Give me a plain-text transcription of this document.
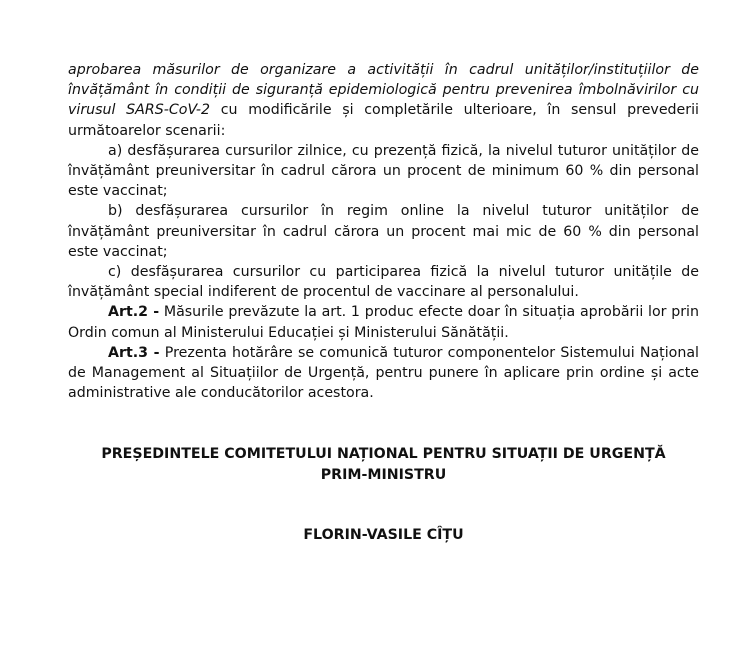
aprobarea măsurilor de organizare a activității în cadrul unităților/instituțiilor de învățământ în condiții de siguranță epidemiologică pentru prevenirea îmbolnăvirilor cu virusul SARS-CoV-2 cu modificările și completările ulterioare, în sensul prevederii următoarelor scenarii:

a) desfășurarea cursurilor zilnice, cu prezență fizică, la nivelul tuturor unităților de învățământ preuniversitar în cadrul cărora un procent de minimum 60 % din personal este vaccinat;

b) desfășurarea cursurilor în regim online la nivelul tuturor unităților de învățământ preuniversitar în cadrul cărora un procent mai mic de 60 % din personal este vaccinat;

c) desfășurarea cursurilor cu participarea fizică la nivelul tuturor unitățile de învățământ special indiferent de procentul de vaccinare al personalului.

Art.2 - Măsurile prevăzute la art. 1 produc efecte doar în situația aprobării lor prin Ordin comun al Ministerului Educației și Ministerului Sănătății.

Art.3 - Prezenta hotărâre se comunică tuturor componentelor Sistemului Național de Management al Situațiilor de Urgență, pentru punere în aplicare prin ordine și acte administrative ale conducătorilor acestora.

PREȘEDINTELE COMITETULUI NAȚIONAL PENTRU SITUAȚII DE URGENȚĂ
PRIM-MINISTRU
FLORIN-VASILE CÎȚU
